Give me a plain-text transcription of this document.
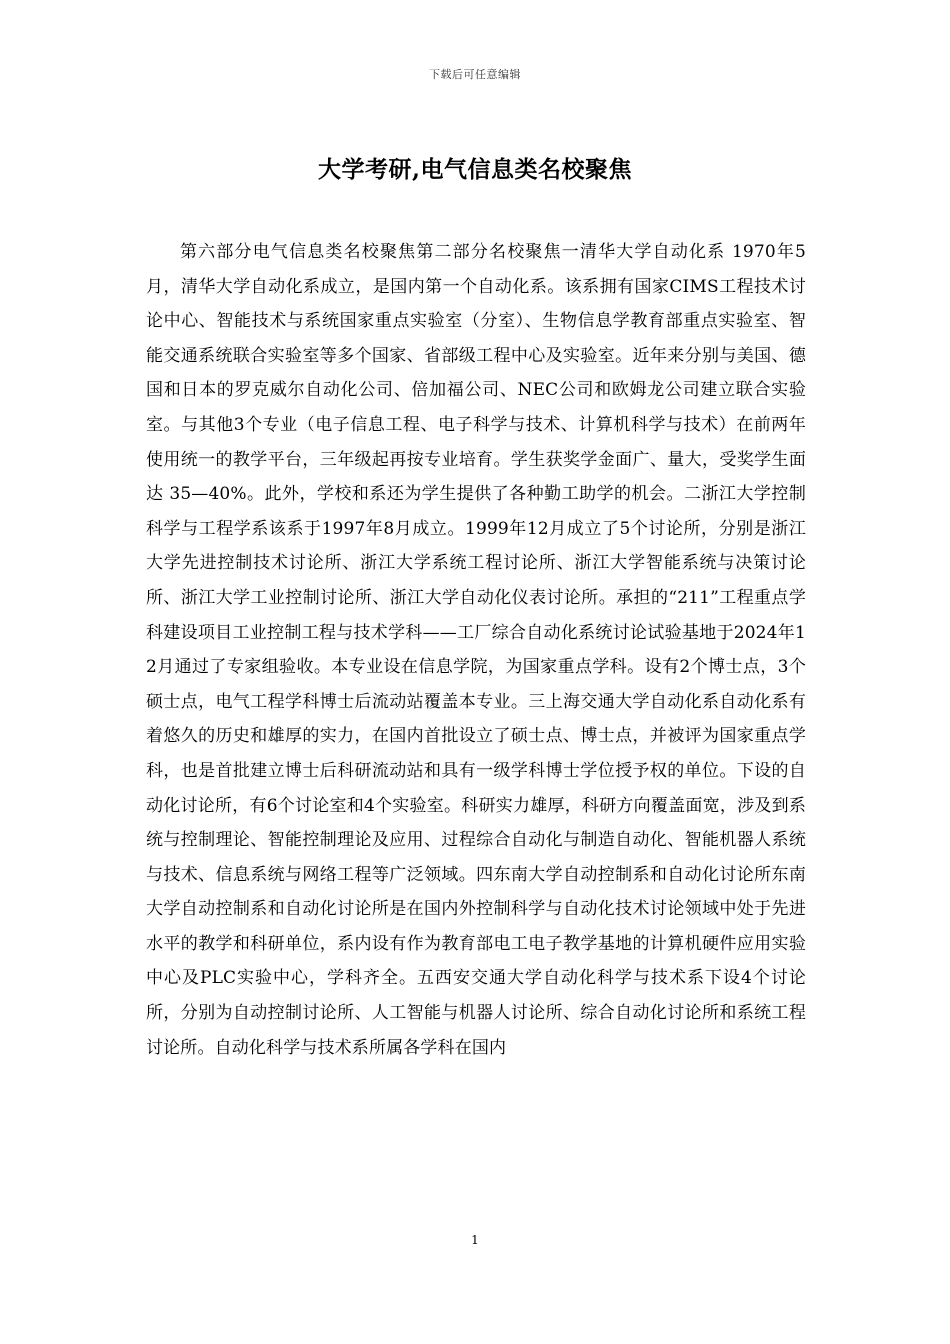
下载后可任意编辑
大学考研,电气信息类名校聚焦

第六部分电气信息类名校聚焦第二部分名校聚焦一清华大学自动化系 1970年5月，清华大学自动化系成立，是国内第一个自动化系。该系拥有国家CIMS工程技术讨论中心、智能技术与系统国家重点实验室（分室）、生物信息学教育部重点实验室、智能交通系统联合实验室等多个国家、省部级工程中心及实验室。近年来分别与美国、德国和日本的罗克威尔自动化公司、倍加福公司、NEC公司和欧姆龙公司建立联合实验室。与其他3个专业（电子信息工程、电子科学与技术、计算机科学与技术）在前两年使用统一的教学平台，三年级起再按专业培育。学生获奖学金面广、量大，受奖学生面达 35—40%。此外，学校和系还为学生提供了各种勤工助学的机会。二浙江大学控制科学与工程学系该系于1997年8月成立。1999年12月成立了5个讨论所，分别是浙江大学先进控制技术讨论所、浙江大学系统工程讨论所、浙江大学智能系统与决策讨论所、浙江大学工业控制讨论所、浙江大学自动化仪表讨论所。承担的“211”工程重点学科建设项目工业控制工程与技术学科——工厂综合自动化系统讨论试验基地于2024年12月通过了专家组验收。本专业设在信息学院，为国家重点学科。设有2个博士点，3个硕士点，电气工程学科博士后流动站覆盖本专业。三上海交通大学自动化系自动化系有着悠久的历史和雄厚的实力，在国内首批设立了硕士点、博士点，并被评为国家重点学科，也是首批建立博士后科研流动站和具有一级学科博士学位授予权的单位。下设的自动化讨论所，有6个讨论室和4个实验室。科研实力雄厚，科研方向覆盖面宽，涉及到系统与控制理论、智能控制理论及应用、过程综合自动化与制造自动化、智能机器人系统与技术、信息系统与网络工程等广泛领域。四东南大学自动控制系和自动化讨论所东南大学自动控制系和自动化讨论所是在国内外控制科学与自动化技术讨论领域中处于先进水平的教学和科研单位，系内设有作为教育部电工电子教学基地的计算机硬件应用实验中心及PLC实验中心，学科齐全。五西安交通大学自动化科学与技术系下设4个讨论所，分别为自动控制讨论所、人工智能与机器人讨论所、综合自动化讨论所和系统工程讨论所。自动化科学与技术系所属各学科在国内

1
